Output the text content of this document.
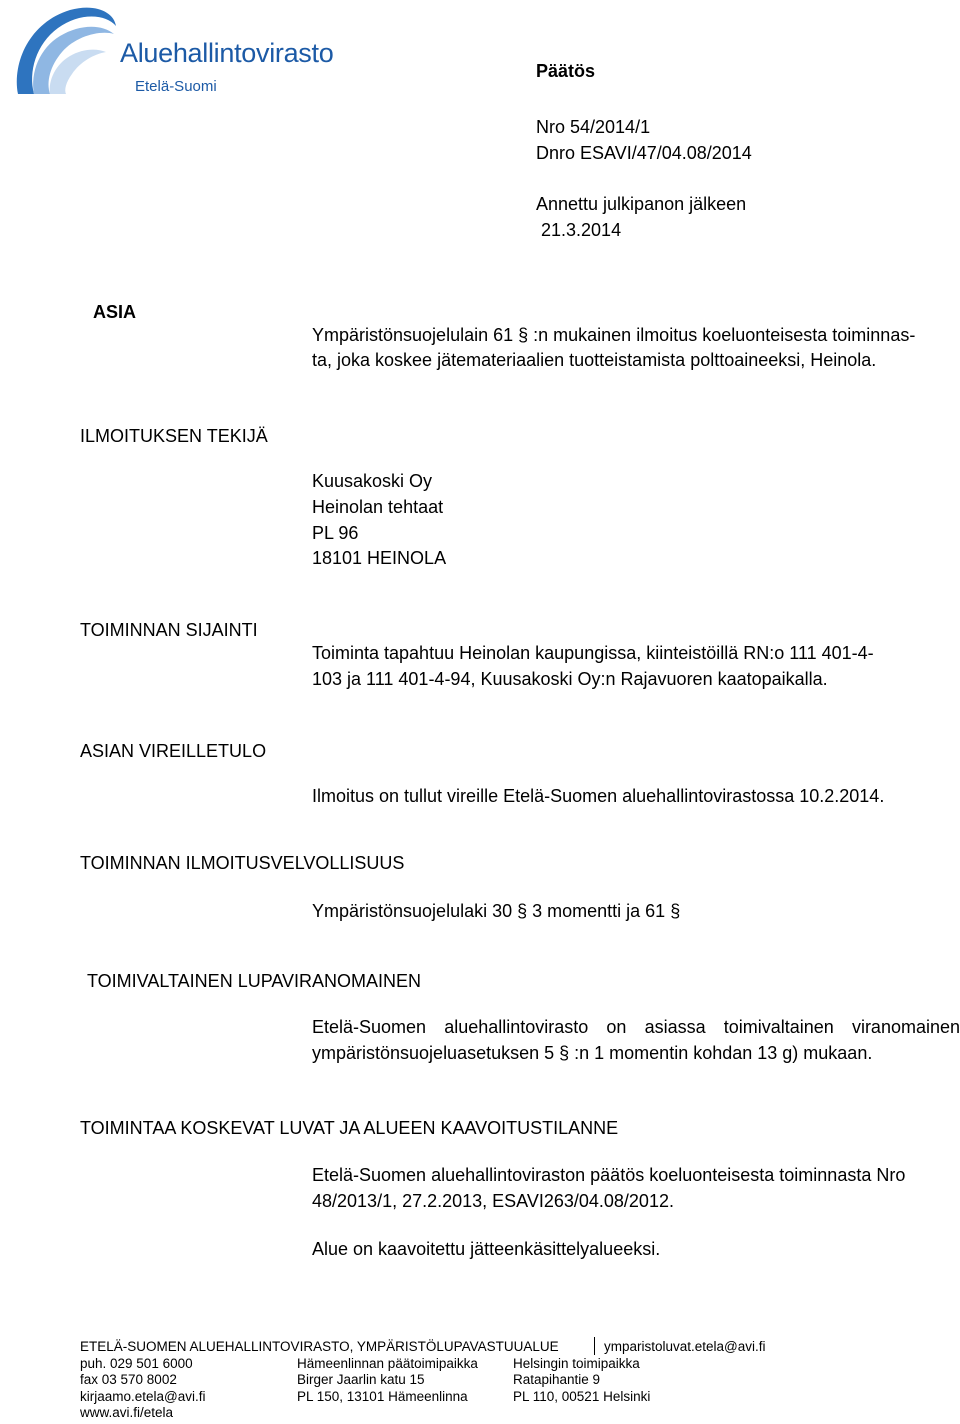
Aluehallintovirasto
Etelä-Suomi
Päätös
Nro 54/2014/1
Dnro ESAVI/47/04.08/2014
Annettu julkipanon jälkeen
21.3.2014
ASIA
Ympäristönsuojelulain 61 § :n mukainen ilmoitus koeluonteisesta toiminnas-
ta, joka koskee jätemateriaalien tuotteistamista polttoaineeksi, Heinola.
ILMOITUKSEN TEKIJÄ
Kuusakoski Oy
Heinolan tehtaat
PL 96
18101 HEINOLA
TOIMINNAN SIJAINTI
Toiminta tapahtuu Heinolan kaupungissa, kiinteistöillä RN:o 111 401-4-
103 ja 111 401-4-94, Kuusakoski Oy:n Rajavuoren kaatopaikalla.
ASIAN VIREILLETULO
Ilmoitus on tullut vireille Etelä-Suomen aluehallintovirastossa 10.2.2014.
TOIMINNAN ILMOITUSVELVOLLISUUS
Ympäristönsuojelulaki 30 § 3 momentti ja 61 §
TOIMIVALTAINEN LUPAVIRANOMAINEN
Etelä-Suomen aluehallintovirasto on asiassa toimivaltainen viranomainen
ympäristönsuojeluasetuksen 5 § :n 1 momentin kohdan 13 g) mukaan.
TOIMINTAA KOSKEVAT LUVAT JA ALUEEN KAAVOITUSTILANNE
Etelä-Suomen aluehallintoviraston päätös koeluonteisesta toiminnasta Nro
48/2013/1, 27.2.2013, ESAVI263/04.08/2012.
Alue on kaavoitettu jätteenkäsittelyalueeksi.
ETELÄ-SUOMEN ALUEHALLINTOVIRASTO, YMPÄRISTÖLUPAVASTUUALUE	ymparistoluvat.etela@avi.fi
puh. 029 501 6000
fax 03 570 8002
kirjaamo.etela@avi.fi
www.avi.fi/etela
Hämeenlinnan päätoimipaikka
Birger Jaarlin katu 15
PL 150, 13101 Hämeenlinna
Helsingin toimipaikka
Ratapihantie 9
PL 110, 00521 Helsinki
